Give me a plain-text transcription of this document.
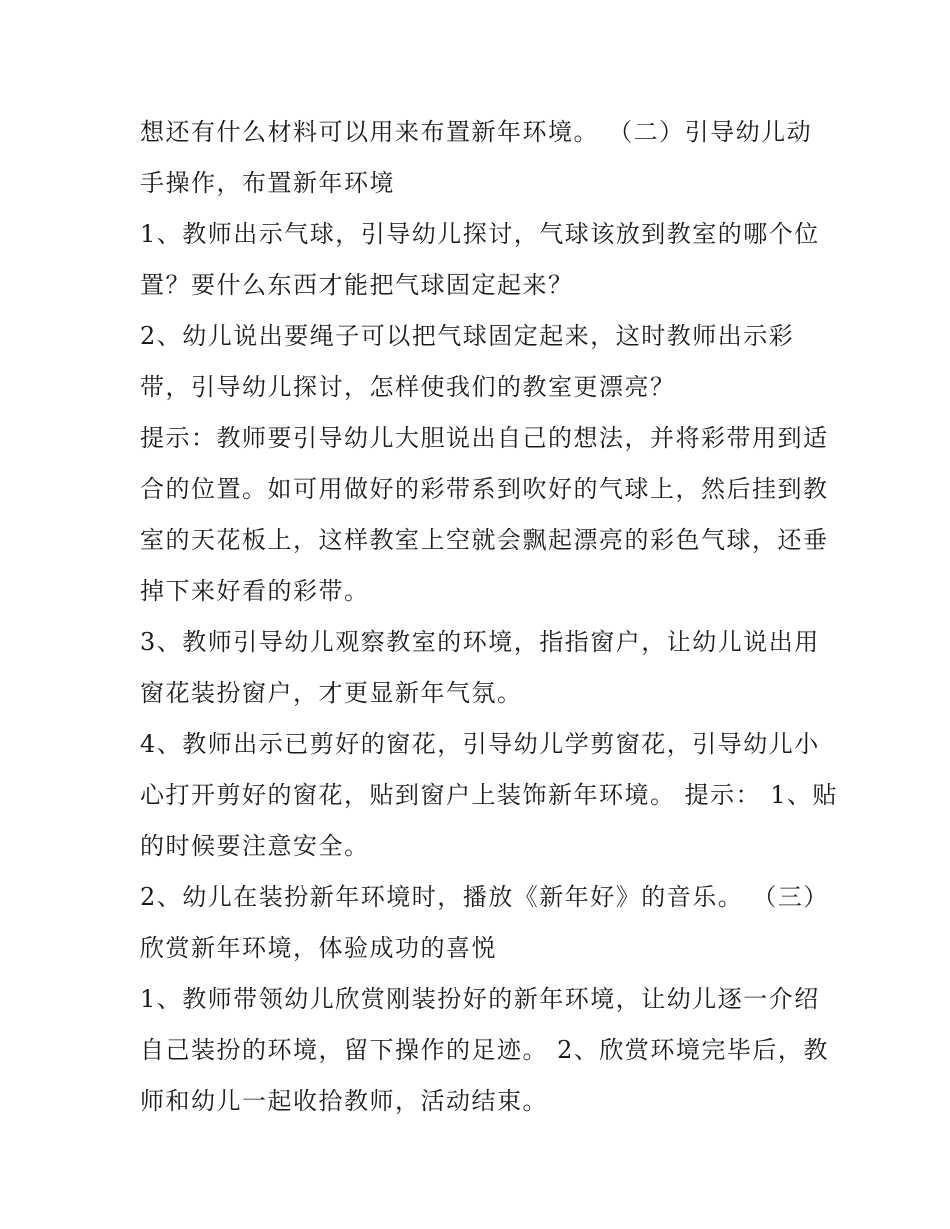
想还有什么材料可以用来布置新年环境。 （二）引导幼儿动
手操作，布置新年环境
1、教师出示气球，引导幼儿探讨，气球该放到教室的哪个位
置？要什么东西才能把气球固定起来？
2、幼儿说出要绳子可以把气球固定起来，这时教师出示彩
带，引导幼儿探讨，怎样使我们的教室更漂亮？
提示：教师要引导幼儿大胆说出自己的想法，并将彩带用到适
合的位置。如可用做好的彩带系到吹好的气球上，然后挂到教
室的天花板上，这样教室上空就会飘起漂亮的彩色气球，还垂
掉下来好看的彩带。
3、教师引导幼儿观察教室的环境，指指窗户，让幼儿说出用
窗花装扮窗户，才更显新年气氛。
4、教师出示已剪好的窗花，引导幼儿学剪窗花，引导幼儿小
心打开剪好的窗花，贴到窗户上装饰新年环境。 提示： 1、贴
的时候要注意安全。
2、幼儿在装扮新年环境时，播放《新年好》的音乐。 （三）
欣赏新年环境，体验成功的喜悦
1、教师带领幼儿欣赏刚装扮好的新年环境，让幼儿逐一介绍
自己装扮的环境，留下操作的足迹。 2、欣赏环境完毕后，教
师和幼儿一起收拾教师，活动结束。
